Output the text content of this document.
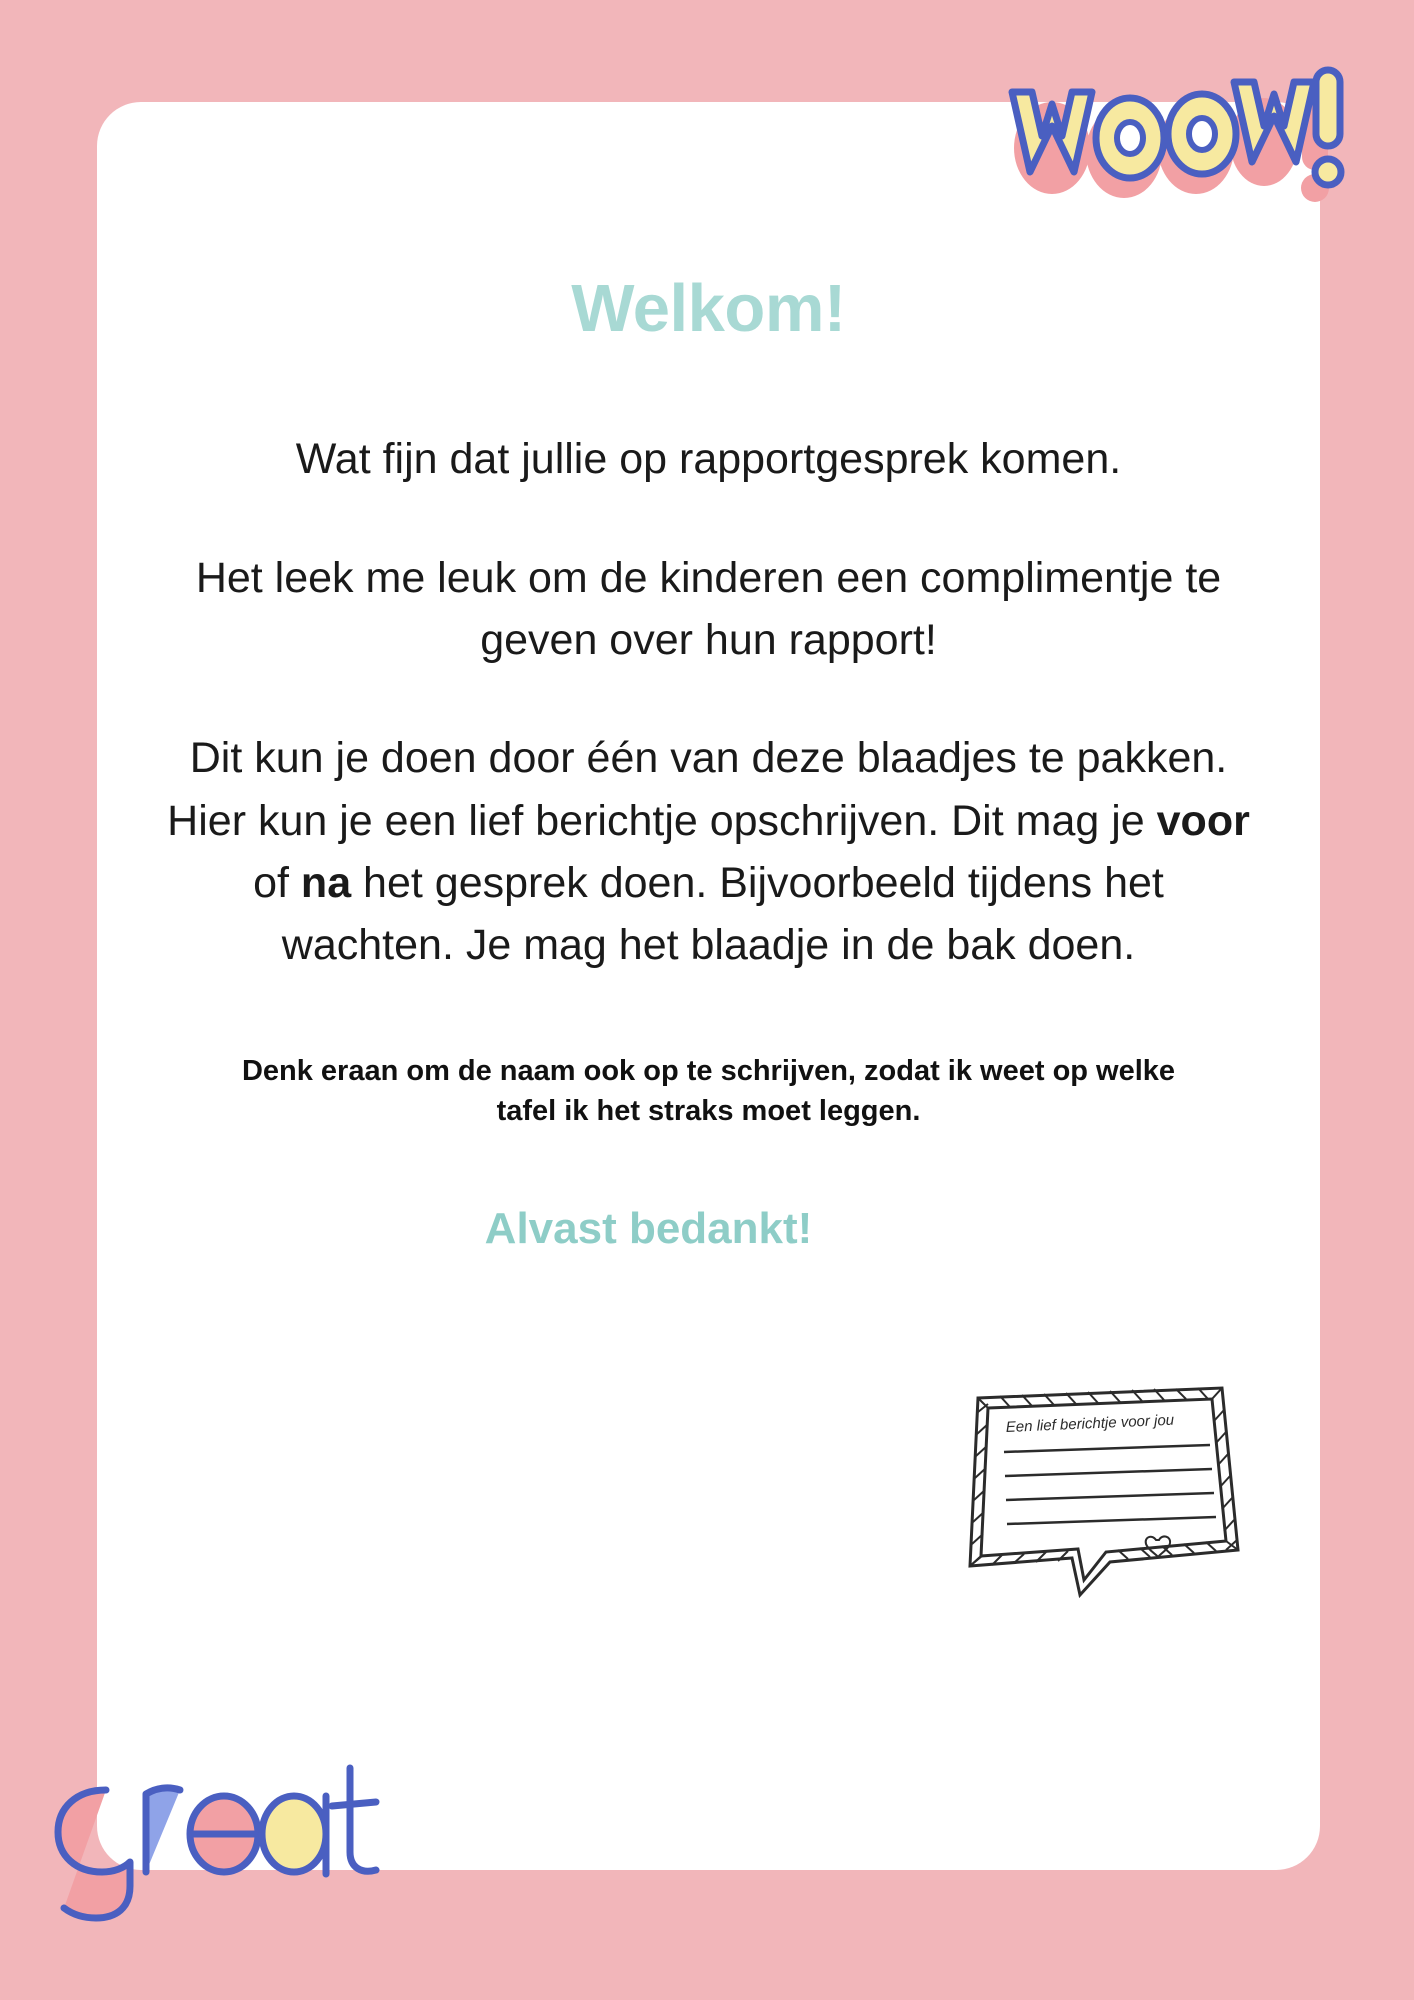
Welkom!

Wat fijn dat jullie op rapportgesprek komen.

Het leek me leuk om de kinderen een complimentje te geven over hun rapport!

Dit kun je doen door één van deze blaadjes te pakken. Hier kun je een lief berichtje opschrijven. Dit mag je voor of na het gesprek doen. Bijvoorbeeld tijdens het wachten. Je mag het blaadje in de bak doen.

Denk eraan om de naam ook op te schrijven, zodat ik weet op welke tafel ik het straks moet leggen.

Alvast bedankt!

Een lief berichtje voor jou
